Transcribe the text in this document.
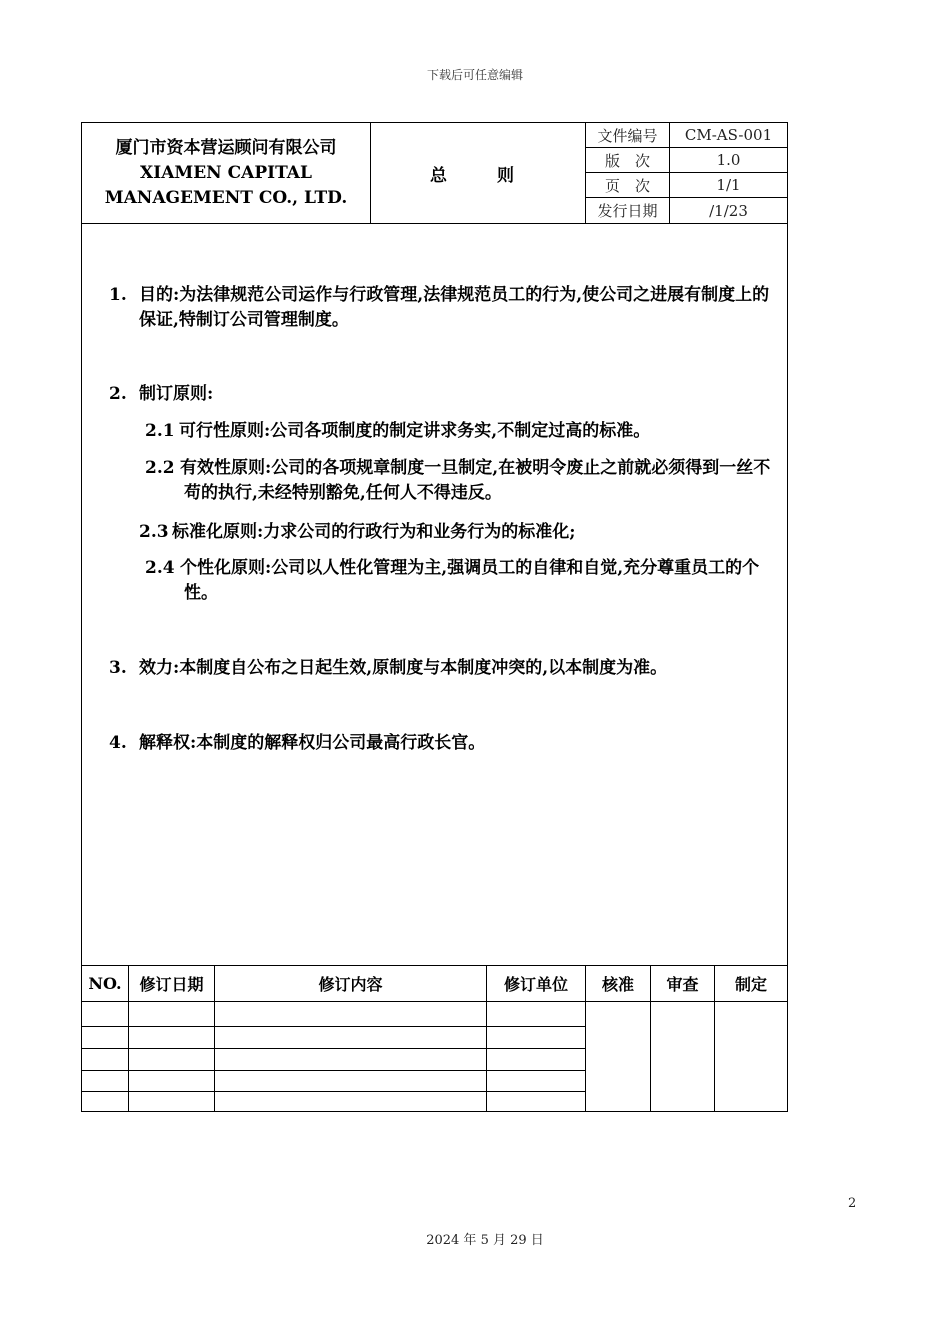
下载后可任意编辑
厦门市资本营运顾问有限公司
XIAMEN CAPITAL
MANAGEMENT CO., LTD.
总 则
文件编号	CM-AS-001
版　次	1.0
页　次	1/1
发行日期	/1/23
1. 目的:为法律规范公司运作与行政管理,法律规范员工的行为,使公司之进展有制度上的保证,特制订公司管理制度。
2. 制订原则:
2.1 可行性原则:公司各项制度的制定讲求务实,不制定过高的标准。
2.2 有效性原则:公司的各项规章制度一旦制定,在被明令废止之前就必须得到一丝不苟的执行,未经特别豁免,任何人不得违反。
2.3 标准化原则:力求公司的行政行为和业务行为的标准化;
2.4 个性化原则:公司以人性化管理为主,强调员工的自律和自觉,充分尊重员工的个性。
3. 效力:本制度自公布之日起生效,原制度与本制度冲突的,以本制度为准。
4. 解释权:本制度的解释权归公司最高行政长官。
NO.	修订日期	修订内容	修订单位	核准	审查	制定
2
2024 年 5 月 29 日
